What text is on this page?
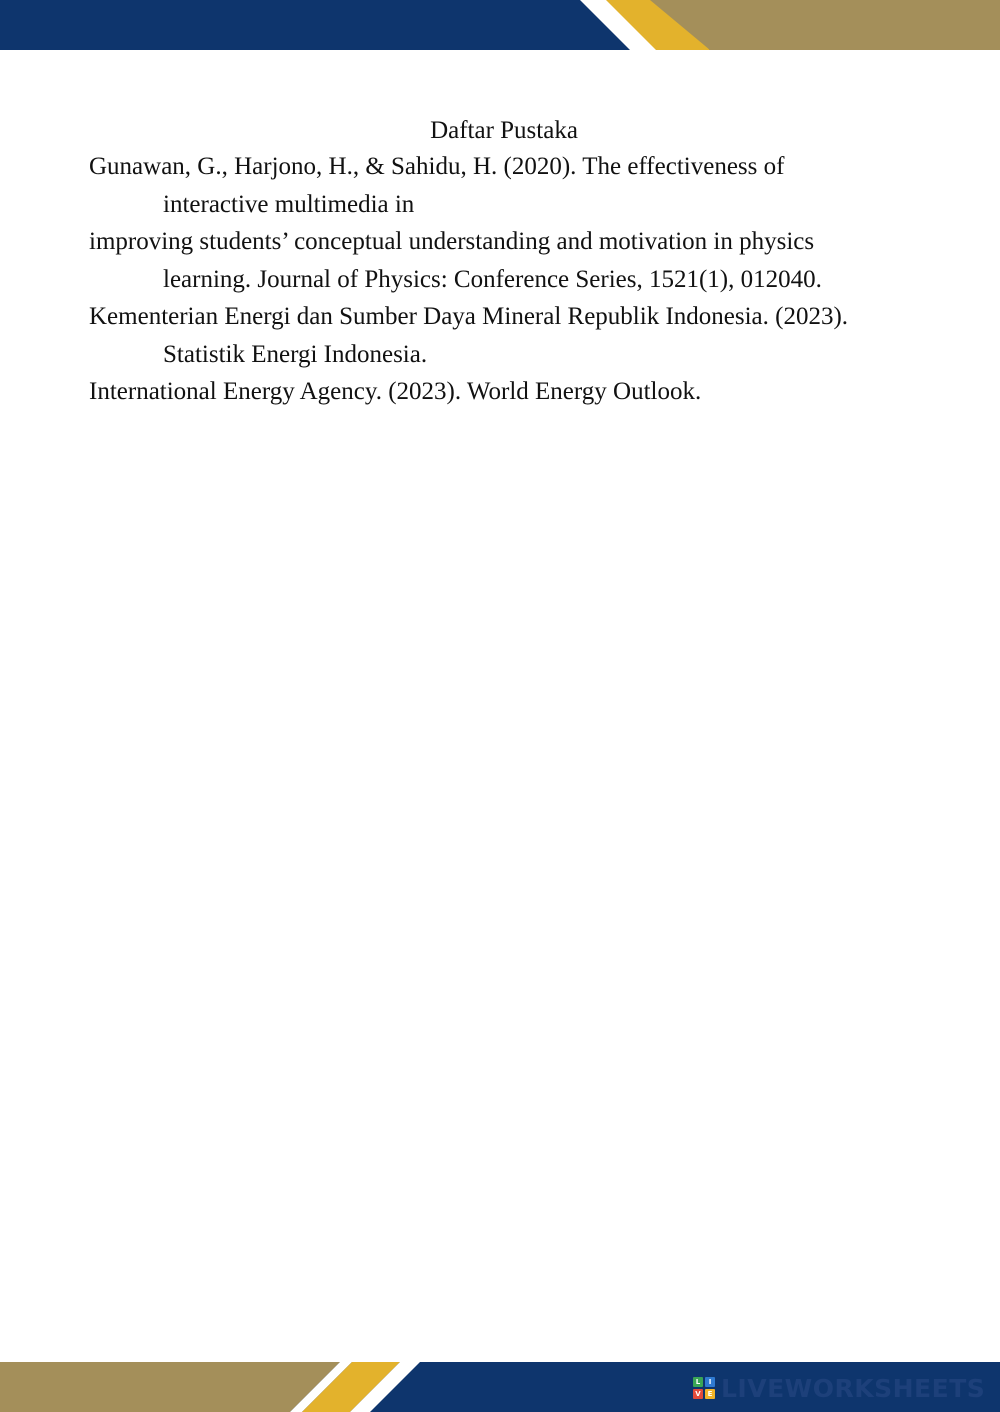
Daftar Pustaka

Gunawan, G., Harjono, H., & Sahidu, H. (2020). The effectiveness of
interactive multimedia in

improving students’ conceptual understanding and motivation in physics
learning. Journal of Physics: Conference Series, 1521(1), 012040.

Kementerian Energi dan Sumber Daya Mineral Republik Indonesia. (2023).
Statistik Energi Indonesia.

International Energy Agency. (2023). World Energy Outlook.

L	I
V E LIVEWORKSHEETS
